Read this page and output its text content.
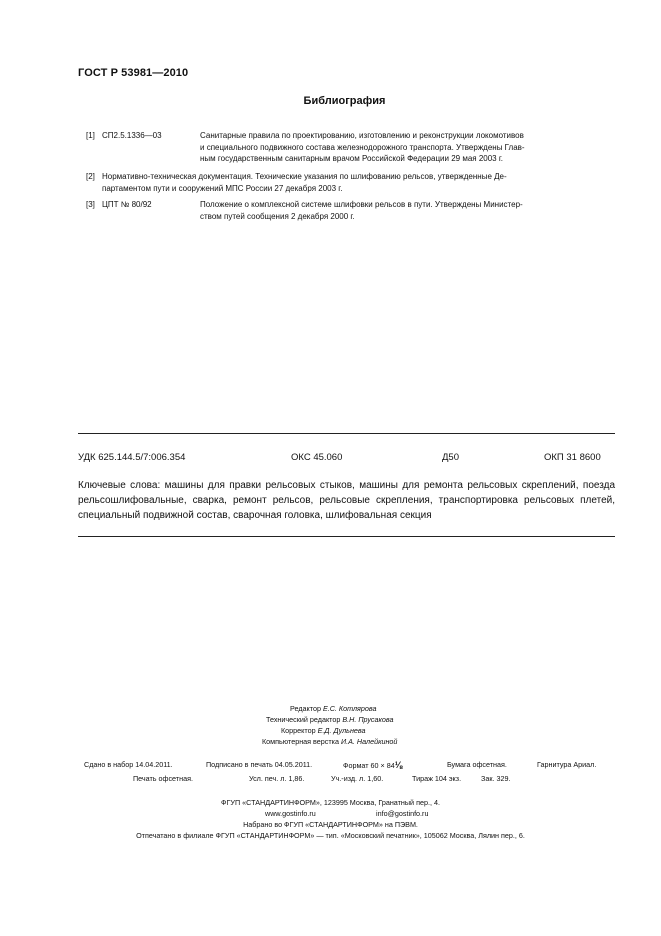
ГОСТ Р 53981—2010
Библиография
[1] СП2.5.1336—03	Санитарные правила по проектированию, изготовлению и реконструкции локомотивов
и специального подвижного состава железнодорожного транспорта. Утверждены Глав-
ным государственным санитарным врачом Российской Федерации 29 мая 2003 г.
[2] Нормативно-техническая документация. Технические указания по шлифованию рельсов, утвержденные Де-
партаментом пути и сооружений МПС России 27 декабря 2003 г.
[3] ЦПТ № 80/92	Положение о комплексной системе шлифовки рельсов в пути. Утверждены Министер-
ством путей сообщения 2 декабря 2000 г.
УДК 625.144.5/7:006.354	ОКС 45.060	Д50	ОКП 31 8600
Ключевые слова: машины для правки рельсовых стыков, машины для ремонта рельсовых скреплений, поезда рельсошлифовальные, сварка, ремонт рельсов, рельсовые скрепления, транспортировка рельсовых плетей, специальный подвижной состав, сварочная головка, шлифовальная секция
Редактор Е.С. Котлярова
Технический редактор В.Н. Прусакова
Корректор Е.Д. Дульнева
Компьютерная верстка И.А. Налейкиной
Сдано в набор 14.04.2011.	Подписано в печать 04.05.2011.	Формат 60 × 84⅛	Бумага офсетная.	Гарнитура Ариал.
Печать офсетная.	Усл. печ. л. 1,86.	Уч.-изд. л. 1,60.	Тираж 104 экз.	Зак. 329.
ФГУП «СТАНДАРТИНФОРМ», 123995 Москва, Гранатный пер., 4.
www.gostinfo.ru	info@gostinfo.ru
Набрано во ФГУП «СТАНДАРТИНФОРМ» на ПЭВМ.
Отпечатано в филиале ФГУП «СТАНДАРТИНФОРМ» — тип. «Московский печатник», 105062 Москва, Лялин пер., 6.
